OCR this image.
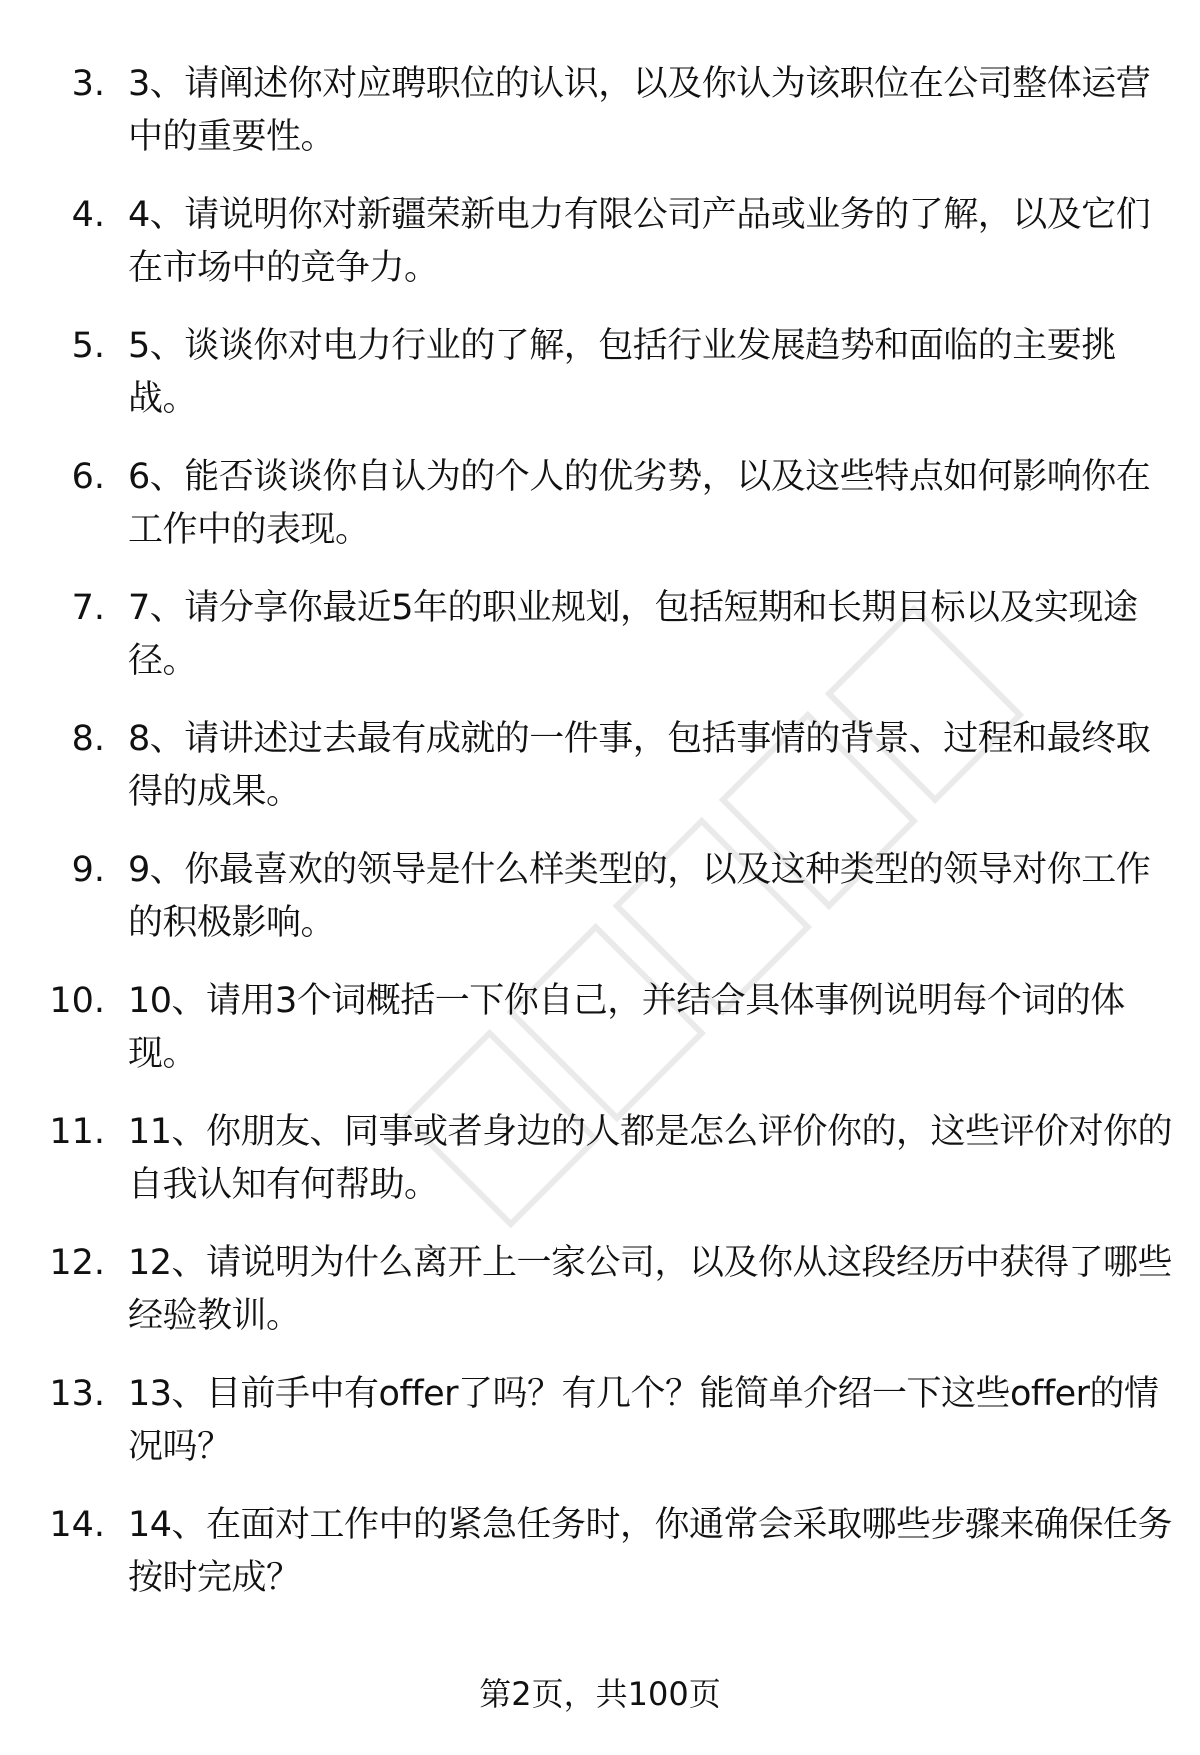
3. 3、请阐述你对应聘职位的认识，以及你认为该职位在公司整体运营中的重要性。
4. 4、请说明你对新疆荣新电力有限公司产品或业务的了解，以及它们在市场中的竞争力。
5. 5、谈谈你对电力行业的了解，包括行业发展趋势和面临的主要挑战。
6. 6、能否谈谈你自认为的个人的优劣势，以及这些特点如何影响你在工作中的表现。
7. 7、请分享你最近5年的职业规划，包括短期和长期目标以及实现途径。
8. 8、请讲述过去最有成就的一件事，包括事情的背景、过程和最终取得的成果。
9. 9、你最喜欢的领导是什么样类型的，以及这种类型的领导对你工作的积极影响。
10. 10、请用3个词概括一下你自己，并结合具体事例说明每个词的体现。
11. 11、你朋友、同事或者身边的人都是怎么评价你的，这些评价对你的自我认知有何帮助。
12. 12、请说明为什么离开上一家公司，以及你从这段经历中获得了哪些经验教训。
13. 13、目前手中有offer了吗？有几个？能简单介绍一下这些offer的情况吗？
14. 14、在面对工作中的紧急任务时，你通常会采取哪些步骤来确保任务按时完成？
第2页，共100页
